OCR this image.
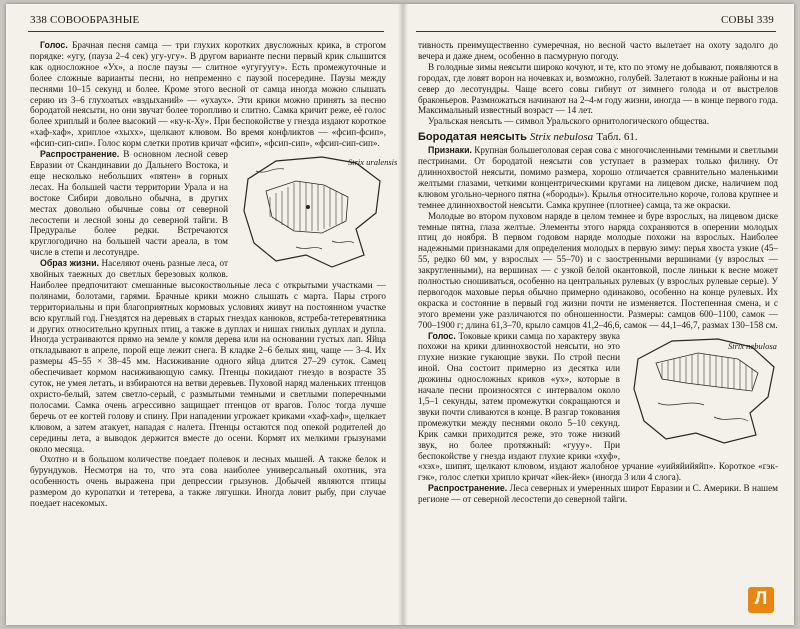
338 СОВООБРАЗНЫЕ

Голос. Брачная песня самца — три глухих коротких двусложных крика, в строгом порядке: «угу, (пауза 2–4 сек) угу-угу». В другом варианте песни первый крик слышится как односложное «Ух», а после паузы — слитное «угугуугу». Есть промежуточные и более сложные варианты песни, но непременно с паузой посередине. Паузы между песнями 10–15 секунд и более. Кроме этого весной от самца иногда можно слышать серию из 3–6 глухоатых «вздыханий» — «ухаух». Эти крики можно принять за песню бородатой неясыти, но они звучат более торопливо и слитно. Самка кричит реже, её голос более хриплый и более высокий — «ку-к-Ху». При беспокойстве у гнезда издают короткое «хаф-хаф», хриплое «хыхх», щелкают клювом. Во время конфликтов — «фсип-фсип», «фсип-сип-сип». Голос корм слетки против кричат «фсип», «фсип-сип», «фсип-сип-сип».

Strix uralensis

Распространение. В основном лесной север Евразии от Скандинавии до Дальнего Востока, и еще несколько небольших «пятен» в горных лесах. На большей части территории Урала и на востоке Сибири довольно обычна, в других местах довольно обычные совы от северной лесостепи и лесной зоны до северной тайги. В Предуралье более редки. Встречаются круглогодично на большей части ареала, в том числе в степи и лесотундре.

Образ жизни. Населяют очень разные леса, от хвойных таежных до светлых березовых колков. Наиболее предпочитают смешанные высокоствольные леса с открытыми участками — полянами, болотами, гарями. Брачные крики можно слышать с марта. Пары строго территориальны и при благоприятных кормовых условиях живут на постоянном участке всю круглый год. Гнездятся на деревьях в старых гнездах канюков, ястреба-тетеревятника и других относительно крупных птиц, а также в дуплах и нишах гнилых дуплах и дупла. Иногда устраиваются прямо на земле у комля дерева или на основании густых лап. Яйца откладывают в апреле, порой еще лежит снега. В кладке 2–6 белых яиц, чаще — 3–4. Их размеры 45–55 × 38–45 мм. Насиживание одного яйца длится 27–29 суток. Самец обеспечивает кормом насиживающую самку. Птенцы покидают гнездо в возрасте 35 суток, не умея летать, и взбираются на ветви деревьев. Пуховой наряд маленьких птенцов охристо-белый, затем светло-серый, с размытыми темными и светлыми поперечными полосами. Самка очень агрессивно защищает птенцов от врагов. Голос тогда лучше беречь от ее когтей голову и спину. При нападении угрожает криками «хаф-хаф», щелкает клювом, а затем атакует, нападая с налета. Птенцы остаются под опекой родителей до середины лета, а выводок держится вместе до осени. Кормят их мелкими грызунами около месяца.

Охотно и в большом количестве поедает полевок и лесных мышей. А также белок и бурундуков. Несмотря на то, что эта сова наиболее универсальный охотник, эта особенность очень выражена при депрессии грызунов. Добычей являются птицы размером до куропатки и тетерева, а также лягушки. Иногда ловит рыбу, при случае поедает насекомых.

СОВЫ 339

тивность преимущественно сумеречная, но весной часто вылетает на охоту задолго до вечера и даже днем, особенно в пасмурную погоду.

В голодные зимы неясыти широко кочуют, и те, кто по этому не добывают, появляются в городах, где ловят ворон на ночевках и, возможно, голубей. Залетают в южные районы и на север до лесотундры. Чаще всего совы гибнут от зимнего голода и от выстрелов браконьеров. Размножаться начинают на 2–4-м году жизни, иногда — в конце первого года. Максимальный известный возраст — 14 лет.

Уральская неясыть — символ Уральского орнитологического общества.

Бородатая неясыть Strix nebulosa Табл. 61.

Признаки. Крупная большеголовая серая сова с многочисленными темными и светлыми пестринами. От бородатой неясыти сов уступает в размерах только филину. От длиннохвостой неясыти, помимо размера, хорошо отличается сравнительно маленькими желтыми глазами, четкими концентрическими кругами на лицевом диске, наличием под клювом угольно-черного пятна («бороды»). Крылья относительно короче, голова крупнее и темнее длиннохвостой неясыти. Самка крупнее (плотнее) самца, та же окраски.

Молодые во втором пуховом наряде в целом темнее и буре взрослых, на лицевом диске темные пятна, глаза желтые. Элементы этого наряда сохраняются в оперении молодых птиц до ноября. В первом годовом наряде молодые похожи на взрослых. Наиболее надежными признаками для определения молодых в первую зиму: перья хвоста узкие (45–55, редко 60 мм, у взрослых — 55–70) и с заостренными вершинами (у взрослых — закругленными), на вершинах — с узкой белой окантовкой, после линьки к весне может полностью сношиваться, особенно на центральных рулевых (у взрослых рулевые серые). У первогодок маховые перья обычно примерно одинаково, особенно на конце рулевых. Их окраска и состояние в первый год жизни почти не изменяется. Постепенная смена, и с этого времени уже различаются по обношенности. Размеры: самцов 600–1100, самок — 700–1900 г; длина 61,3–70, крыло самцов 41,2–46,6, самок — 44,1–46,7, размах 130–158 см.

Strix nebulosa

Голос. Токовые крики самца по характеру звука похожи на крики длиннохвостой неясыти, но это глухие низкие гукающие звуки. По строй песни иной. Она состоит примерно из десятка или дюжины односложных криков «ух», которые в начале песни произносятся с интервалом около 1,5–1 секунды, затем промежутки сокращаются и звуки почти сливаются в конце. В разгар токования промежутки между песнями около 5–10 секунд. Крик самки приходится реже, это тоже низкий звук, но более протяжный: «гууу». При беспокойстве у гнезда издают глухие крики «хуф», «хэх», шипят, щелкают клювом, издают жалобное урчание «уийяйийяйп». Короткое «гэк-гэк», голос слетки хрипло кричат «йек-йек» (иногда 3 или 4 слога).

Распространение. Леса северных и умеренных широт Евразии и С. Америки. В нашем регионе — от северной лесостепи до северной тайги.

Л
